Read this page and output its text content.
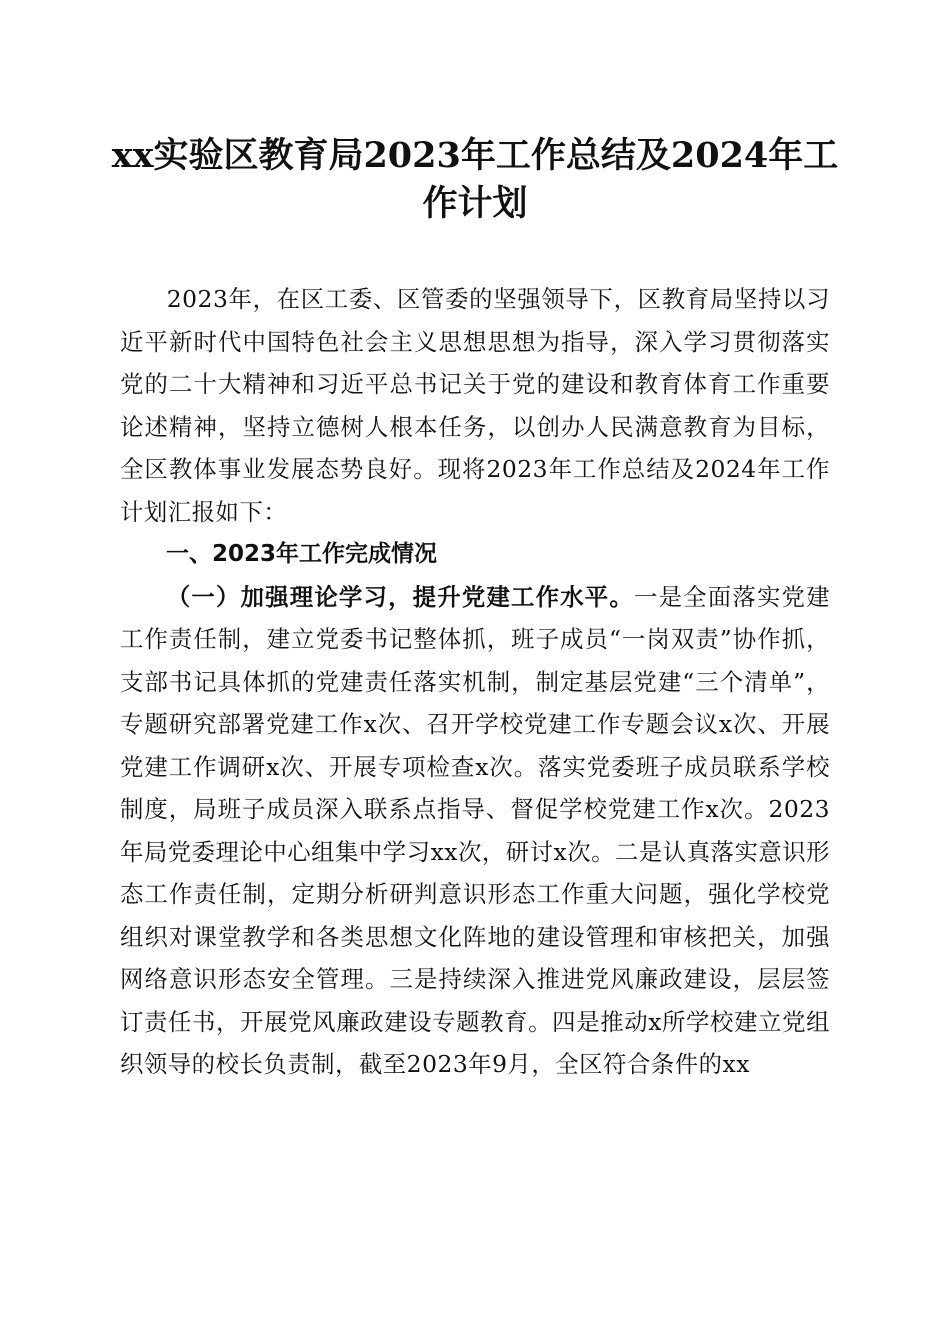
xx实验区教育局2023年工作总结及2024年工作计划

2023年，在区工委、区管委的坚强领导下，区教育局坚持以习近平新时代中国特色社会主义思想思想为指导，深入学习贯彻落实党的二十大精神和习近平总书记关于党的建设和教育体育工作重要论述精神，坚持立德树人根本任务，以创办人民满意教育为目标，全区教体事业发展态势良好。现将2023年工作总结及2024年工作计划汇报如下：

一、2023年工作完成情况

（一）加强理论学习，提升党建工作水平。一是全面落实党建工作责任制，建立党委书记整体抓，班子成员“一岗双责”协作抓，支部书记具体抓的党建责任落实机制，制定基层党建“三个清单”，专题研究部署党建工作x次、召开学校党建工作专题会议x次、开展党建工作调研x次、开展专项检查x次。落实党委班子成员联系学校制度，局班子成员深入联系点指导、督促学校党建工作x次。2023年局党委理论中心组集中学习xx次，研讨x次。二是认真落实意识形态工作责任制，定期分析研判意识形态工作重大问题，强化学校党组织对课堂教学和各类思想文化阵地的建设管理和审核把关，加强网络意识形态安全管理。三是持续深入推进党风廉政建设，层层签订责任书，开展党风廉政建设专题教育。四是推动x所学校建立党组织领导的校长负责制，截至2023年9月，全区符合条件的xx
